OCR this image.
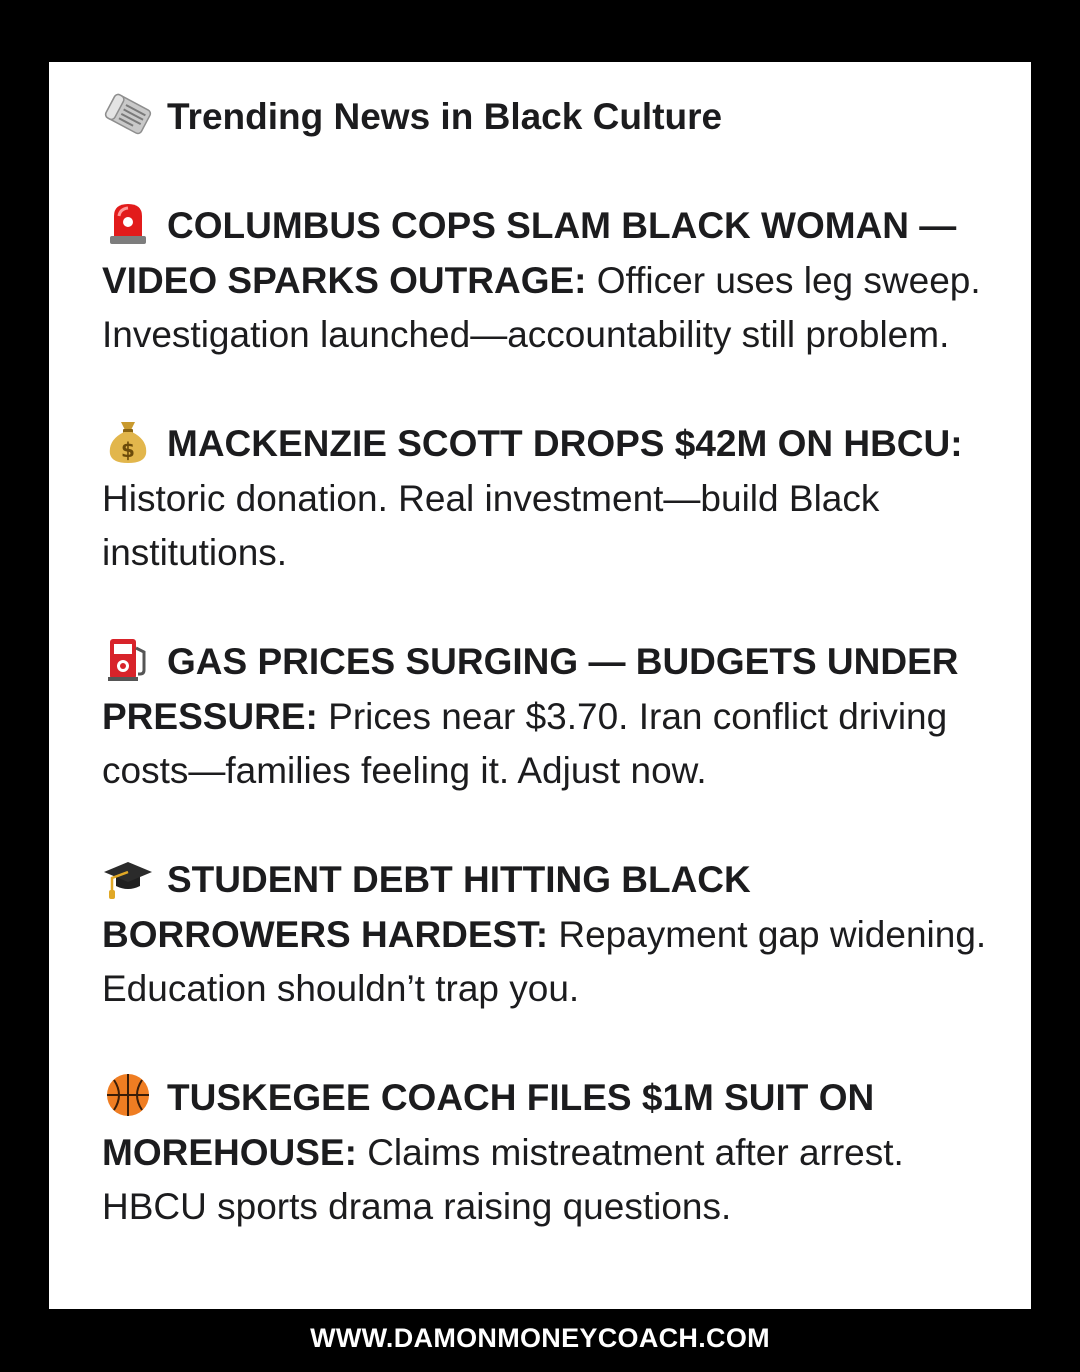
Trending News in Black Culture
COLUMBUS COPS SLAM BLACK WOMAN — VIDEO SPARKS OUTRAGE: Officer uses leg sweep. Investigation launched—accountability still problem.
$ MACKENZIE SCOTT DROPS $42M ON HBCU: Historic donation. Real investment—build Black institutions.
GAS PRICES SURGING — BUDGETS UNDER PRESSURE: Prices near $3.70. Iran conflict driving costs—families feeling it. Adjust now.
STUDENT DEBT HITTING BLACK BORROWERS HARDEST: Repayment gap widening. Education shouldn’t trap you.
TUSKEGEE COACH FILES $1M SUIT ON MOREHOUSE: Claims mistreatment after arrest. HBCU sports drama raising questions.
WWW.DAMONMONEYCOACH.COM
